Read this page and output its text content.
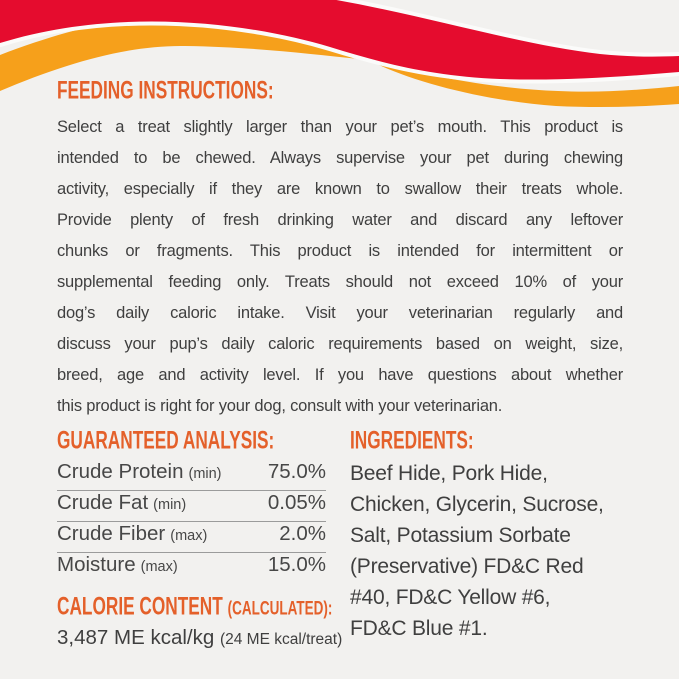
FEEDING INSTRUCTIONS:
Select a treat slightly larger than your pet’s mouth. This product is
intended to be chewed. Always supervise your pet during chewing
activity, especially if they are known to swallow their treats whole.
Provide plenty of fresh drinking water and discard any leftover
chunks or fragments. This product is intended for intermittent or
supplemental feeding only. Treats should not exceed 10% of your
dog’s daily caloric intake. Visit your veterinarian regularly and
discuss your pup’s daily caloric requirements based on weight, size,
breed, age and activity level. If you have questions about whether
this product is right for your dog, consult with your veterinarian.
GUARANTEED ANALYSIS:
Crude Protein (min) 75.0%
Crude Fat (min)	0.05%
Crude Fiber (max)	2.0%
Moisture (max)	15.0%
CALORIE CONTENT (CALCULATED):
3,487 ME kcal/kg (24 ME kcal/treat)
INGREDIENTS:
Beef Hide, Pork Hide,
Chicken, Glycerin, Sucrose,
Salt, Potassium Sorbate
(Preservative) FD&C Red
#40, FD&C Yellow #6,
FD&C Blue #1.
